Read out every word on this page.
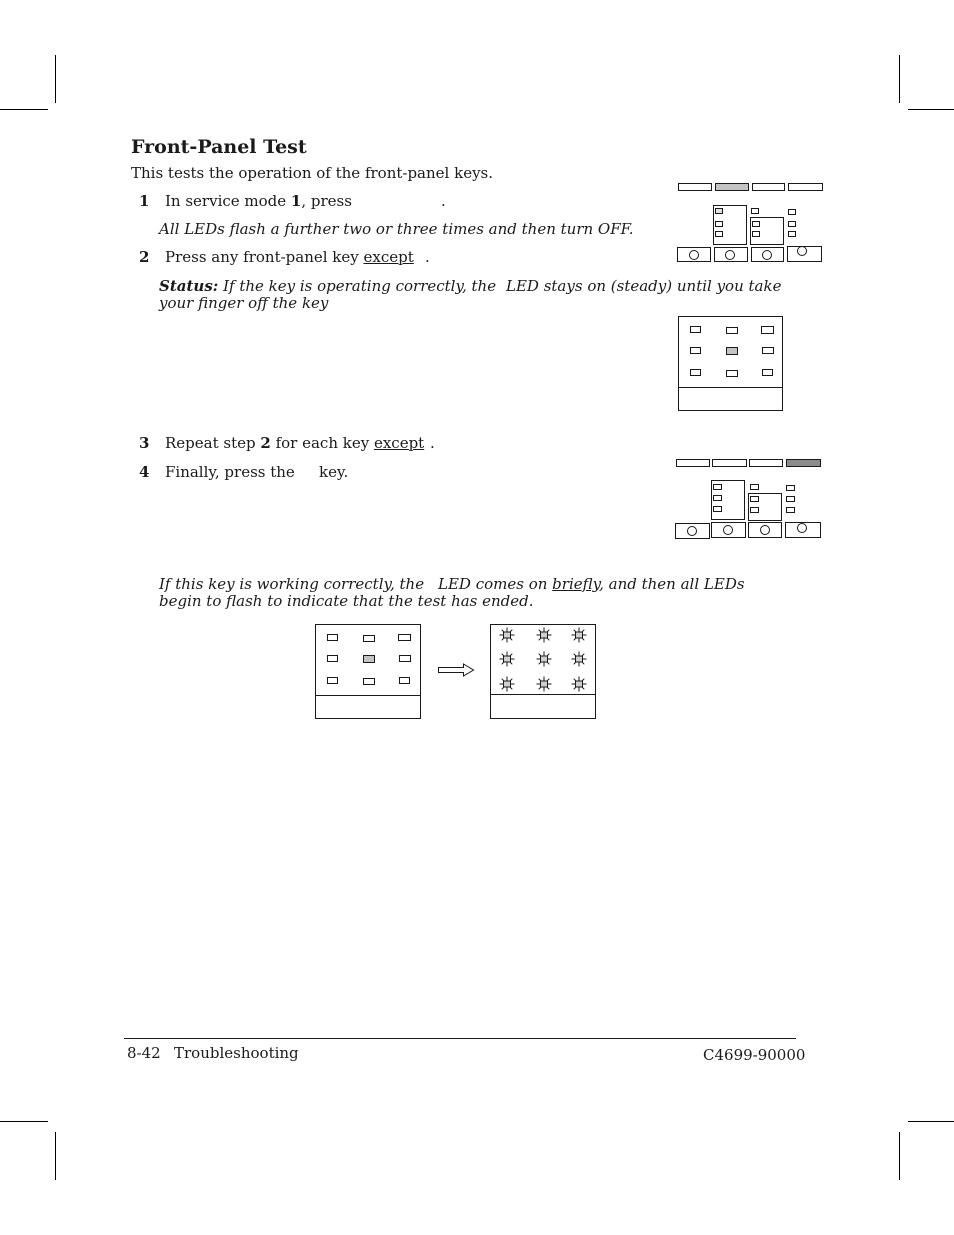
Front-Panel Test
This tests the operation of the front-panel keys.
1 In service mode 1, press	.
All LEDs flash a further two or three times and then turn OFF.
2 Press any front-panel key except .
Status: If the key is operating correctly, the LED stays on (steady) until you take
your finger off the key
3 Repeat step 2 for each key except .
4 Finally, press the key.
If this key is working correctly, the LED comes on briefly, and then all LEDs
begin to flash to indicate that the test has ended.
8-42 Troubleshooting	C4699-90000
